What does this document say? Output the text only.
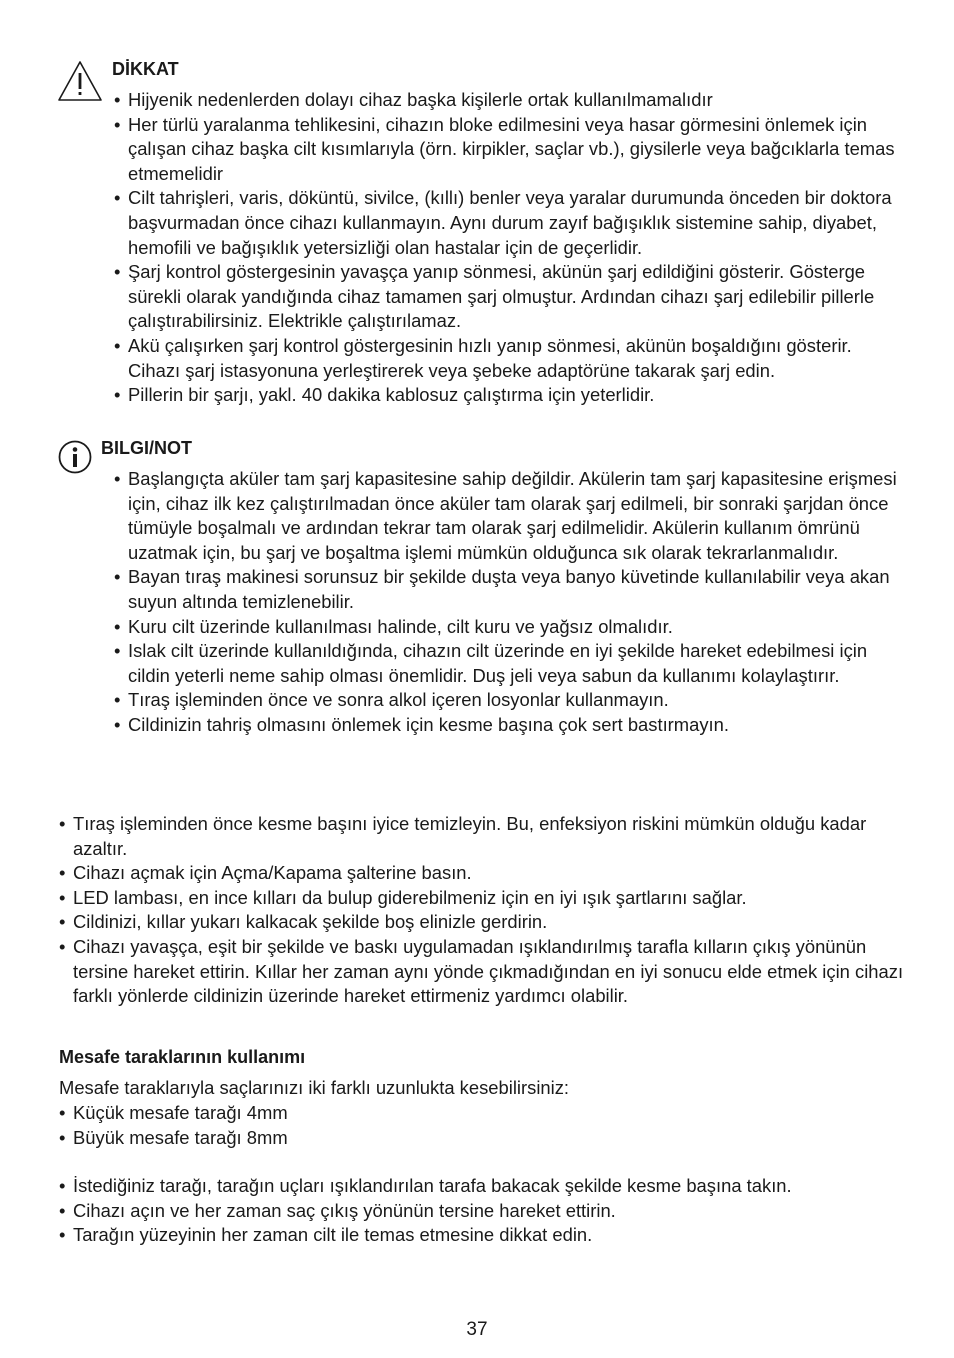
DİKKAT
• Hijyenik nedenlerden dolayı cihaz başka kişilerle ortak kullanılmamalıdır
• Her türlü yaralanma tehlikesini, cihazın bloke edilmesini veya hasar görmesini önlemek için çalışan cihaz başka cilt kısımlarıyla (örn. kirpikler, saçlar vb.), giysilerle veya bağcıklarla temas etmemelidir
• Cilt tahrişleri, varis, döküntü, sivilce, (kıllı) benler veya yaralar durumunda önceden bir doktora başvurmadan önce cihazı kullanmayın. Aynı durum zayıf bağışıklık sistemine sahip, diyabet, hemofili ve bağışıklık yetersizliği olan hastalar için de geçerlidir.
• Şarj kontrol göstergesinin yavaşça yanıp sönmesi, akünün şarj edildiğini gösterir. Gösterge sürekli olarak yandığında cihaz tamamen şarj olmuştur. Ardından cihazı şarj edilebilir pillerle çalıştırabilirsiniz. Elektrikle çalıştırılamaz.
• Akü çalışırken şarj kontrol göstergesinin hızlı yanıp sönmesi, akünün boşaldığını gösterir. Cihazı şarj istasyonuna yerleştirerek veya şebeke adaptörüne takarak şarj edin.
• Pillerin bir şarjı, yakl. 40 dakika kablosuz çalıştırma için yeterlidir.
BILGI/NOT
• Başlangıçta aküler tam şarj kapasitesine sahip değildir. Akülerin tam şarj kapasitesine erişmesi için, cihaz ilk kez çalıştırılmadan önce aküler tam olarak şarj edilmeli, bir sonraki şarjdan önce tümüyle boşalmalı ve ardından tekrar tam olarak şarj edilmelidir. Akülerin kullanım ömrünü uzatmak için, bu şarj ve boşaltma işlemi mümkün olduğunca sık olarak tekrarlanmalıdır.
• Bayan tıraş makinesi sorunsuz bir şekilde duşta veya banyo küvetinde kullanılabilir veya akan suyun altında temizlenebilir.
• Kuru cilt üzerinde kullanılması halinde, cilt kuru ve yağsız olmalıdır.
• Islak cilt üzerinde kullanıldığında, cihazın cilt üzerinde en iyi şekilde hareket edebilmesi için cildin yeterli neme sahip olması önemlidir. Duş jeli veya sabun da kullanımı kolaylaştırır.
• Tıraş işleminden önce ve sonra alkol içeren losyonlar kullanmayın.
• Cildinizin tahriş olmasını önlemek için kesme başına çok sert bastırmayın.
• Tıraş işleminden önce kesme başını iyice temizleyin. Bu, enfeksiyon riskini mümkün olduğu kadar azaltır.
• Cihazı açmak için Açma/Kapama şalterine basın.
• LED lambası, en ince kılları da bulup giderebilmeniz için en iyi ışık şartlarını sağlar.
• Cildinizi, kıllar yukarı kalkacak şekilde boş elinizle gerdirin.
• Cihazı yavaşça, eşit bir şekilde ve baskı uygulamadan ışıklandırılmış tarafla kılların çıkış yönünün tersine hareket ettirin. Kıllar her zaman aynı yönde çıkmadığından en iyi sonucu elde etmek için cihazı farklı yönlerde cildinizin üzerinde hareket ettirmeniz yardımcı olabilir.
Mesafe taraklarının kullanımı

Mesafe taraklarıyla saçlarınızı iki farklı uzunlukta kesebilirsiniz:

• Küçük mesafe tarağı 4mm
• Büyük mesafe tarağı 8mm
• İstediğiniz tarağı, tarağın uçları ışıklandırılan tarafa bakacak şekilde kesme başına takın.
• Cihazı açın ve her zaman saç çıkış yönünün tersine hareket ettirin.
• Tarağın yüzeyinin her zaman cilt ile temas etmesine dikkat edin.
37
